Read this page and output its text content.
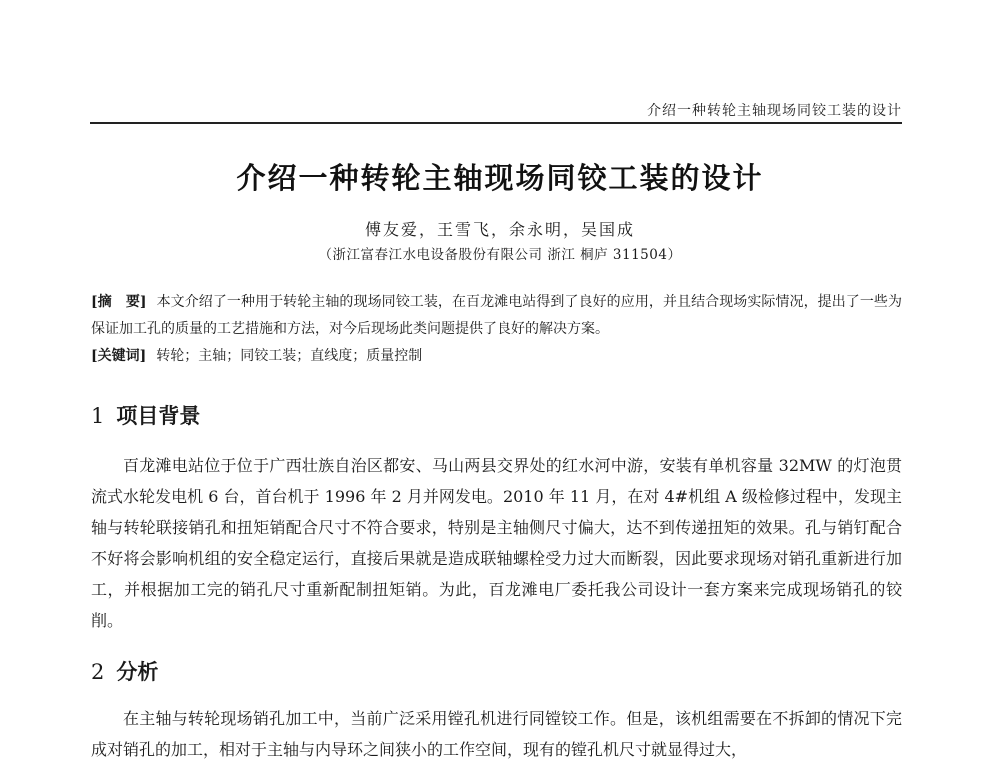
介绍一种转轮主轴现场同铰工装的设计
介绍一种转轮主轴现场同铰工装的设计
傅友爱，王雪飞，余永明，吴国成
（浙江富春江水电设备股份有限公司 浙江 桐庐 311504）
[摘　要] 本文介绍了一种用于转轮主轴的现场同铰工装，在百龙滩电站得到了良好的应用，并且结合现场实际情况，提出了一些为保证加工孔的质量的工艺措施和方法，对今后现场此类问题提供了良好的解决方案。
[关键词] 转轮；主轴；同铰工装；直线度；质量控制
1 项目背景
百龙滩电站位于位于广西壮族自治区都安、马山两县交界处的红水河中游，安装有单机容量 32MW 的灯泡贯流式水轮发电机 6 台，首台机于 1996 年 2 月并网发电。2010 年 11 月，在对 4#机组 A 级检修过程中，发现主轴与转轮联接销孔和扭矩销配合尺寸不符合要求，特别是主轴侧尺寸偏大，达不到传递扭矩的效果。孔与销钉配合不好将会影响机组的安全稳定运行，直接后果就是造成联轴螺栓受力过大而断裂，因此要求现场对销孔重新进行加工，并根据加工完的销孔尺寸重新配制扭矩销。为此，百龙滩电厂委托我公司设计一套方案来完成现场销孔的铰削。
2 分析
在主轴与转轮现场销孔加工中，当前广泛采用镗孔机进行同镗铰工作。但是，该机组需要在不拆卸的情况下完成对销孔的加工，相对于主轴与内导环之间狭小的工作空间，现有的镗孔机尺寸就显得过大，
